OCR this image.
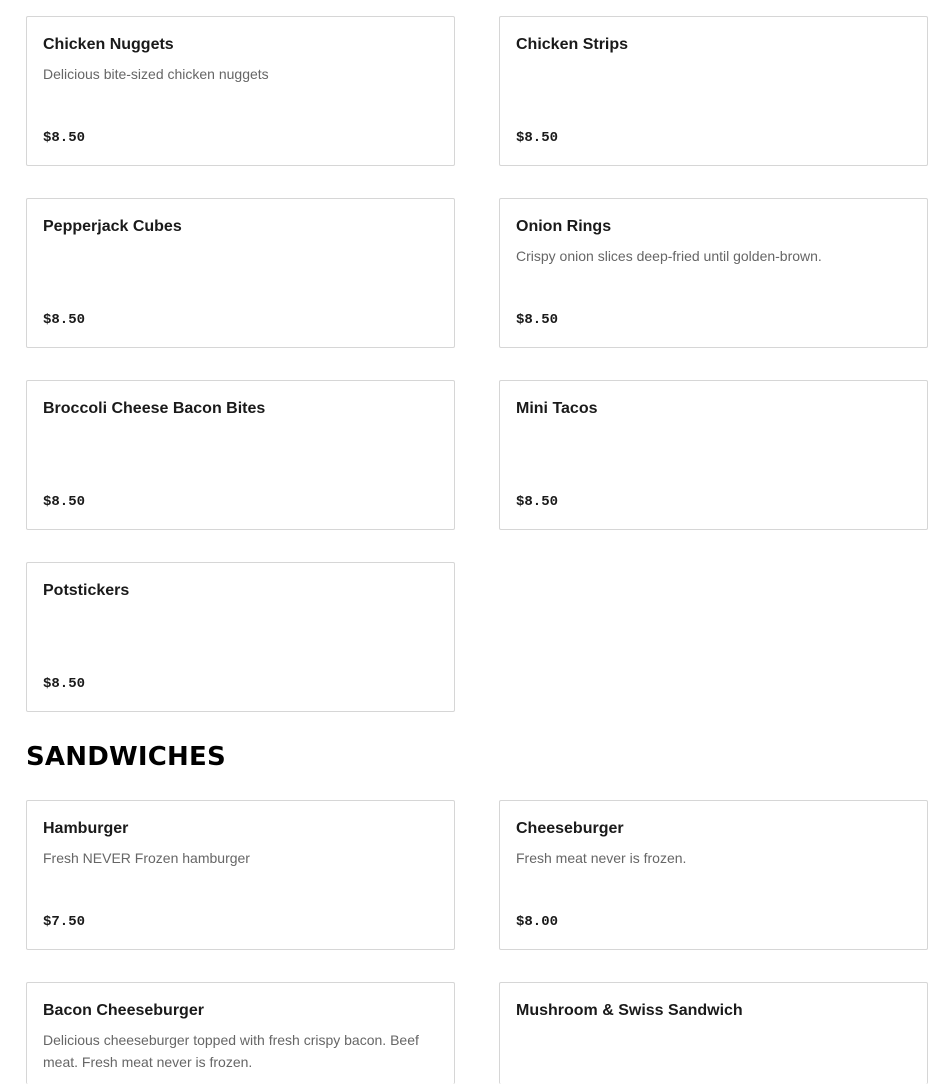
Chicken Nuggets
Delicious bite-sized chicken nuggets
$8.50
Chicken Strips
$8.50
Pepperjack Cubes
$8.50
Onion Rings
Crispy onion slices deep-fried until golden-brown.
$8.50
Broccoli Cheese Bacon Bites
$8.50
Mini Tacos
$8.50
Potstickers
$8.50
SANDWICHES
Hamburger
Fresh NEVER Frozen hamburger
$7.50
Cheeseburger
Fresh meat never is frozen.
$8.00
Bacon Cheeseburger
Delicious cheeseburger topped with fresh crispy bacon. Beef meat. Fresh meat never is frozen.
Mushroom & Swiss Sandwich
